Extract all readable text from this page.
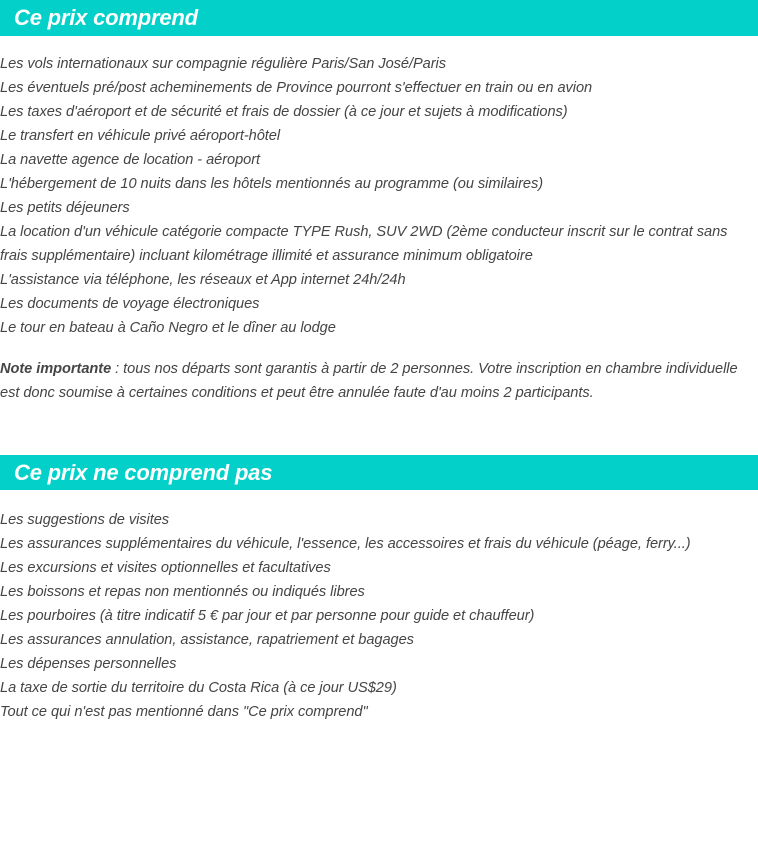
Ce prix comprend
Les vols internationaux sur compagnie régulière Paris/San José/Paris
Les éventuels pré/post acheminements de Province pourront s'effectuer en train ou en avion
Les taxes d'aéroport et de sécurité et frais de dossier (à ce jour et sujets à modifications)
Le transfert en véhicule privé aéroport-hôtel
La navette agence de location - aéroport
L'hébergement de 10 nuits dans les hôtels mentionnés au programme (ou similaires)
Les petits déjeuners
La location d'un véhicule catégorie compacte TYPE Rush, SUV 2WD (2ème conducteur inscrit sur le contrat sans frais supplémentaire) incluant kilométrage illimité et assurance minimum obligatoire
L'assistance via téléphone, les réseaux et App internet 24h/24h
Les documents de voyage électroniques
Le tour en bateau à Caño Negro et le dîner au lodge

Note importante : tous nos départs sont garantis à partir de 2 personnes. Votre inscription en chambre individuelle est donc soumise à certaines conditions et peut être annulée faute d'au moins 2 participants.

Ce prix ne comprend pas
Les suggestions de visites
Les assurances supplémentaires du véhicule, l'essence, les accessoires et frais du véhicule (péage, ferry...)
Les excursions et visites optionnelles et facultatives
Les boissons et repas non mentionnés ou indiqués libres
Les pourboires (à titre indicatif 5 € par jour et par personne pour guide et chauffeur)
Les assurances annulation, assistance, rapatriement et bagages
Les dépenses personnelles
La taxe de sortie du territoire du Costa Rica (à ce jour US$29)
Tout ce qui n'est pas mentionné dans "Ce prix comprend"
